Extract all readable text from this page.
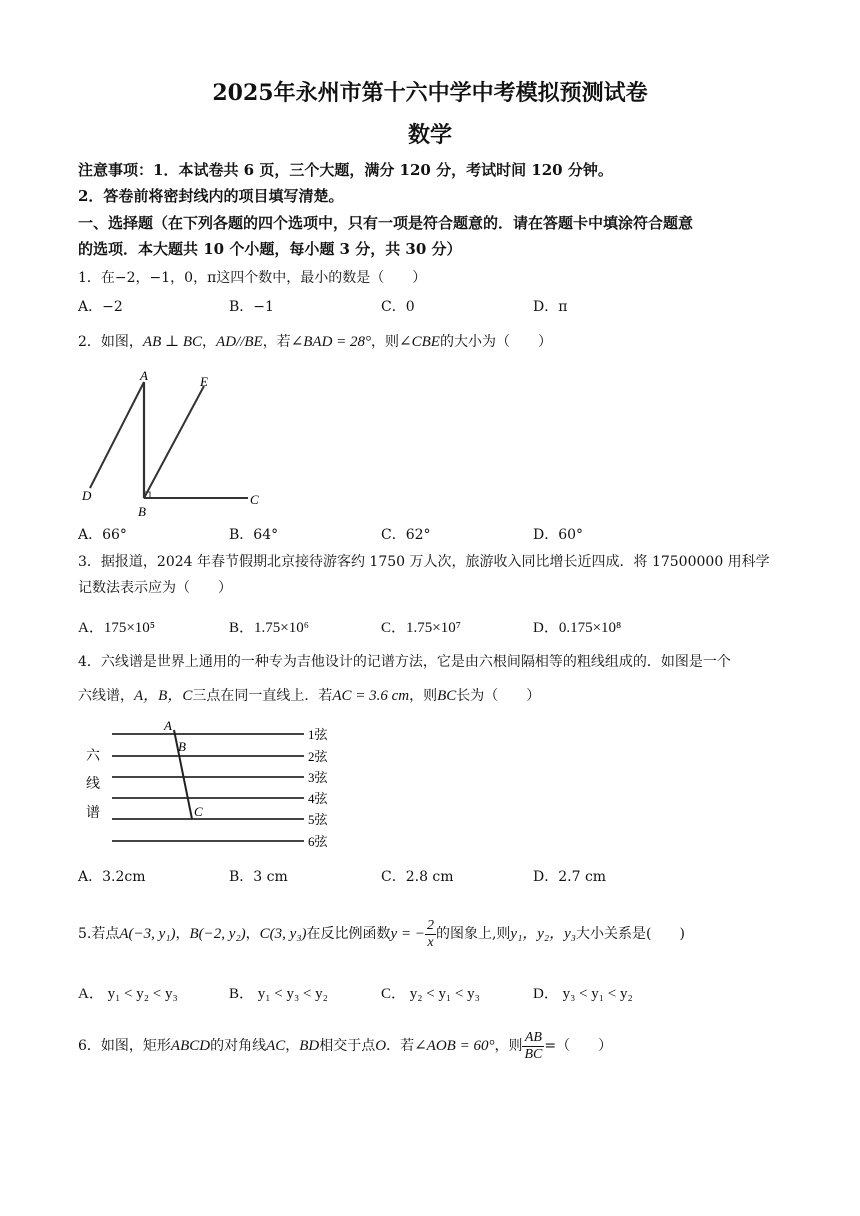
2025年永州市第十六中学中考模拟预测试卷
数学
注意事项：1．本试卷共 6 页，三个大题，满分 120 分，考试时间 120 分钟。
2．答卷前将密封线内的项目填写清楚。
一、选择题（在下列各题的四个选项中，只有一项是符合题意的．请在答题卡中填涂符合题意
的选项．本大题共 10 个小题，每小题 3 分，共 30 分）
1．在−2，−1，0，π这四个数中，最小的数是（　　）
A．−2	B．−1	C．0	D．π
2．如图，AB ⊥ BC，AD//BE，若∠BAD = 28°，则∠CBE的大小为（　　）
A
B
C
D
E
A．66°	B．64°	C．62°	D．60°
3．据报道，2024 年春节假期北京接待游客约 1750 万人次，旅游收入同比增长近四成．将 17500000 用科学
记数法表示应为（　　）
A．175×10⁵	B．1.75×10⁶	C．1.75×10⁷	D．0.175×10⁸
4．六线谱是世界上通用的一种专为吉他设计的记谱方法，它是由六根间隔相等的粗线组成的．如图是一个
六线谱，A，B，C三点在同一直线上．若AC = 3.6 cm，则BC长为（　　）
A
B
C
六
线
谱
1弦
2弦
3弦
4弦
5弦
6弦
A．3.2cm	B．3 cm	C．2.8 cm	D．2.7 cm
5.若点A(−3, y₁)，B(−2, y₂)，C(3, y₃)在反比例函数y = − $\frac{2}{x}$ 的图象上,则y₁，y₂，y₃大小关系是(　　)
A． y₁ < y₂ < y₃	B． y₁ < y₃ < y₂	C． y₂ < y₁ < y₃	D． y₃ < y₁ < y₂
6．如图，矩形ABCD的对角线AC，BD相交于点O．若∠AOB = 60°，则 $\frac{AB}{BC}$ =（　　）
